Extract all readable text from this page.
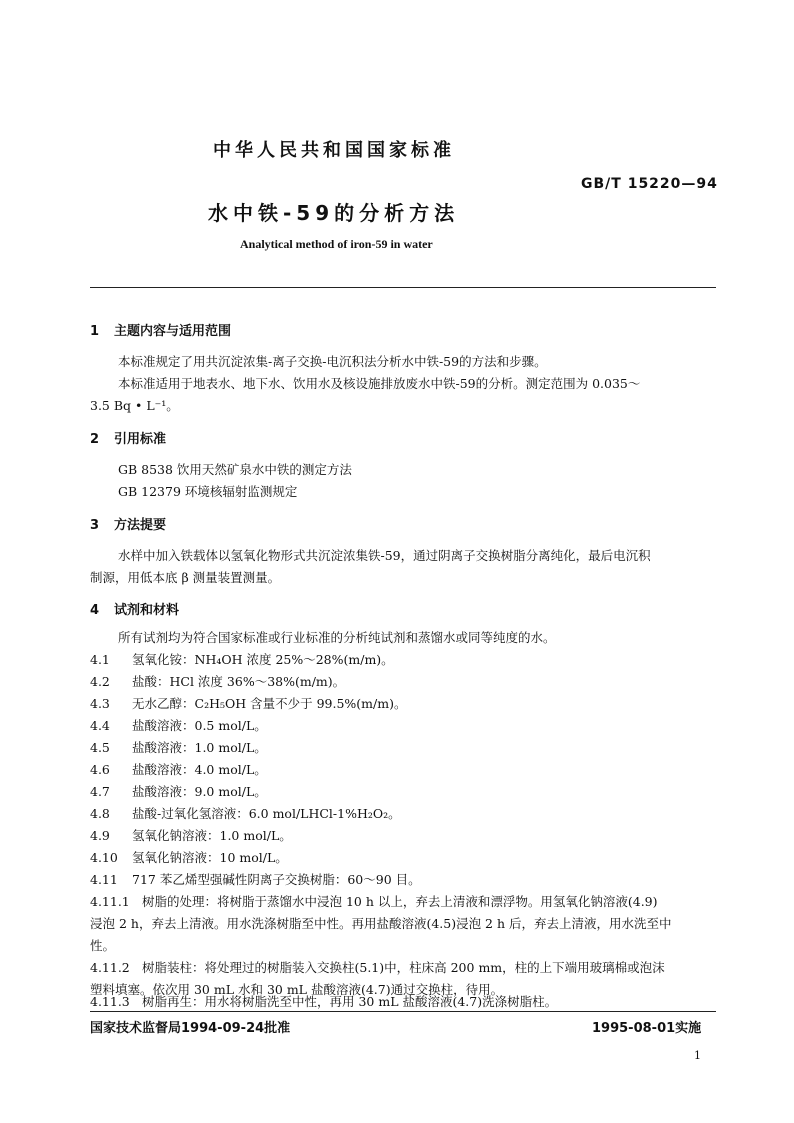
中华人民共和国国家标准
GB/T 15220—94
水中铁-59的分析方法
Analytical method of iron-59 in water
1 主题内容与适用范围
本标准规定了用共沉淀浓集-离子交换-电沉积法分析水中铁-59的方法和步骤。
本标准适用于地表水、地下水、饮用水及核设施排放废水中铁-59的分析。测定范围为 0.035～
3.5 Bq • L⁻¹。
2 引用标准
GB 8538 饮用天然矿泉水中铁的测定方法
GB 12379 环境核辐射监测规定
3 方法提要
水样中加入铁载体以氢氧化物形式共沉淀浓集铁-59，通过阴离子交换树脂分离纯化，最后电沉积
制源，用低本底 β 测量装置测量。
4 试剂和材料
所有试剂均为符合国家标准或行业标准的分析纯试剂和蒸馏水或同等纯度的水。
4.1 氢氧化铵：NH₄OH 浓度 25%～28%(m/m)。
4.2 盐酸：HCl 浓度 36%～38%(m/m)。
4.3 无水乙醇：C₂H₅OH 含量不少于 99.5%(m/m)。
4.4 盐酸溶液：0.5 mol/L。
4.5 盐酸溶液：1.0 mol/L。
4.6 盐酸溶液：4.0 mol/L。
4.7 盐酸溶液：9.0 mol/L。
4.8 盐酸-过氧化氢溶液：6.0 mol/LHCl-1%H₂O₂。
4.9 氢氧化钠溶液：1.0 mol/L。
4.10 氢氧化钠溶液：10 mol/L。
4.11 717 苯乙烯型强碱性阴离子交换树脂：60～90 目。
4.11.1 树脂的处理：将树脂于蒸馏水中浸泡 10 h 以上，弃去上清液和漂浮物。用氢氧化钠溶液(4.9)
浸泡 2 h，弃去上清液。用水洗涤树脂至中性。再用盐酸溶液(4.5)浸泡 2 h 后，弃去上清液，用水洗至中
性。
4.11.2 树脂装柱：将处理过的树脂装入交换柱(5.1)中，柱床高 200 mm，柱的上下端用玻璃棉或泡沫
塑料填塞。依次用 30 mL 水和 30 mL 盐酸溶液(4.7)通过交换柱，待用。
4.11.3 树脂再生：用水将树脂洗至中性，再用 30 mL 盐酸溶液(4.7)洗涤树脂柱。
国家技术监督局1994-09-24批准	1995-08-01实施
1
